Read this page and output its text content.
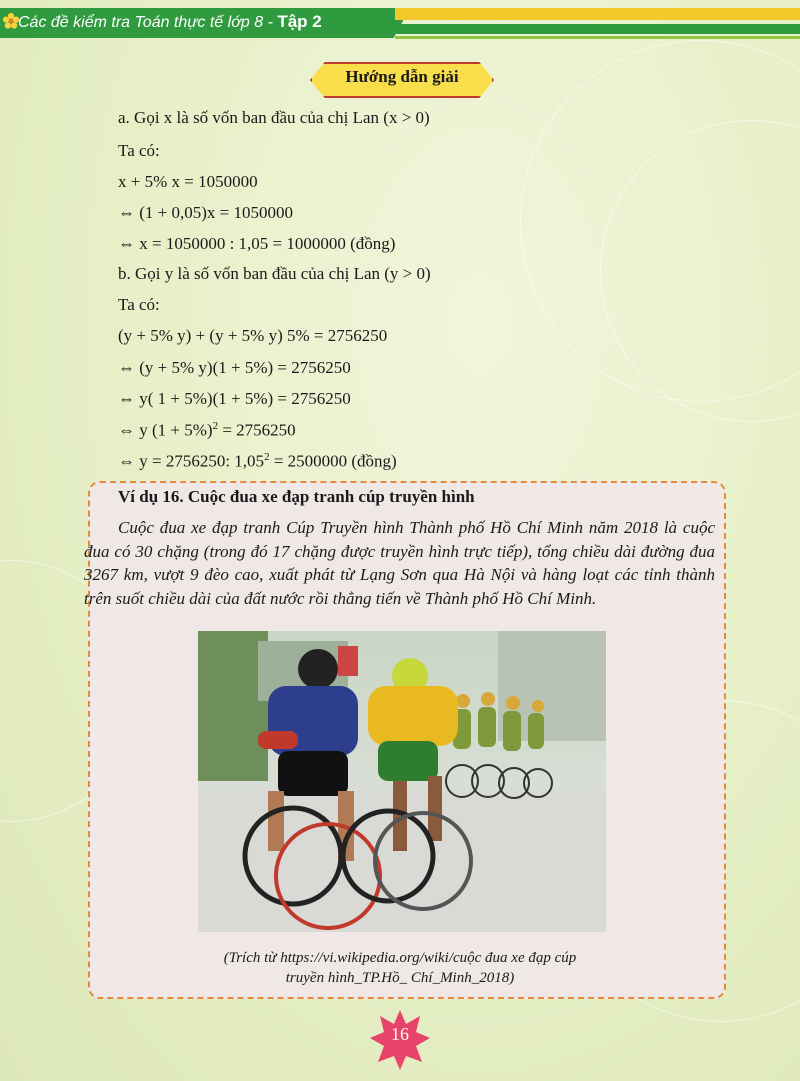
Các đề kiểm tra Toán thực tế lớp 8 - Tập 2
Hướng dẫn giải
a. Gọi x là số vốn ban đầu của chị Lan (x > 0)
Ta có:
x + 5% x = 1050000
⇔ (1 + 0,05)x = 1050000
⇔ x = 1050000 : 1,05 = 1000000 (đồng)
b. Gọi y là số vốn ban đầu của chị Lan (y > 0)
Ta có:
(y + 5% y) + (y + 5% y) 5% = 2756250
⇔ (y + 5% y)(1 + 5%) = 2756250
⇔ y( 1 + 5%)(1 + 5%) = 2756250
⇔ y $(1 + 5\%)^2 = 2756250$
⇔ y = 2756250: $1,05^2 = 2500000$ (đồng)
Ví dụ 16. Cuộc đua xe đạp tranh cúp truyền hình
Cuộc đua xe đạp tranh Cúp Truyền hình Thành phố Hồ Chí Minh năm 2018 là cuộc đua có 30 chặng (trong đó 17 chặng được truyền hình trực tiếp), tổng chiều dài đường đua 3267 km, vượt 9 đèo cao, xuất phát từ Lạng Sơn qua Hà Nội và hàng loạt các tỉnh thành trên suốt chiều dài của đất nước rồi thẳng tiến về Thành phố Hồ Chí Minh.
(Trích từ https://vi.wikipedia.org/wiki/cuộc đua xe đạp cúp
truyền hình_TP.Hồ_ Chí_Minh_2018)
16
